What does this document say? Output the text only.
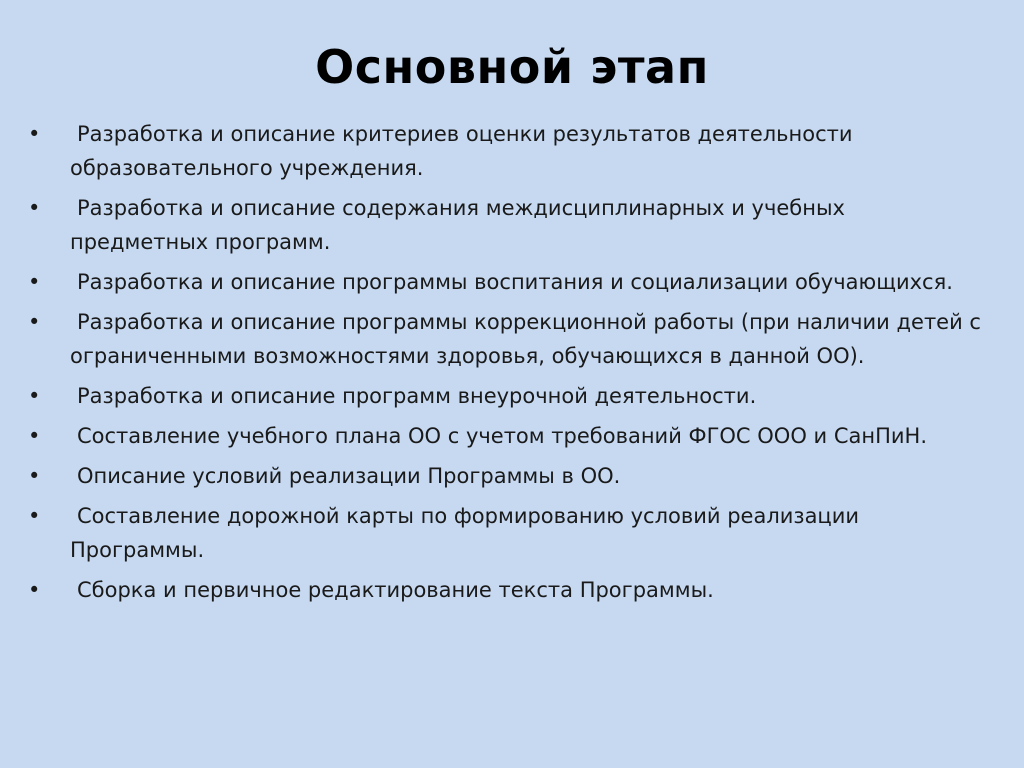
Основной этап
•	Разработка и описание критериев оценки результатов деятельности образовательного учреждения.
•	Разработка и описание содержания междисциплинарных и учебных предметных программ.
•	Разработка и описание программы воспитания и социализации обучающихся.
•	Разработка и описание программы коррекционной работы (при наличии детей с ограниченными возможностями здоровья, обучающихся в данной ОО).
•	Разработка и описание программ внеурочной деятельности.
•	Составление учебного плана ОО с учетом требований ФГОС ООО и СанПиН.
•	Описание условий реализации Программы в ОО.
•	Составление дорожной карты по формированию условий реализации Программы.
•	Сборка и первичное редактирование текста Программы.
